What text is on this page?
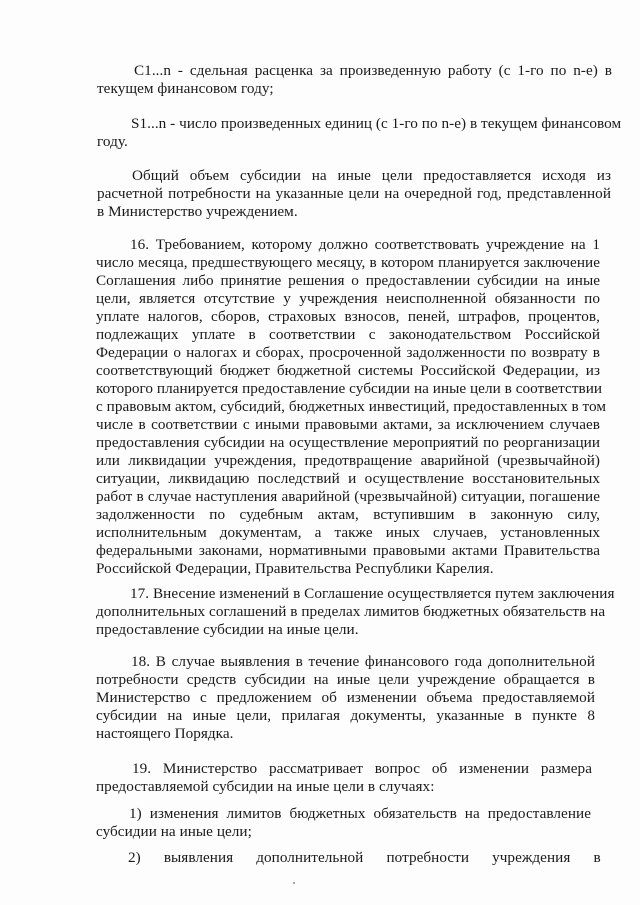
С1...n - сдельная расценка за произведенную работу (с 1-го по n-е) в
текущем финансовом году;
S1...n - число произведенных единиц (с 1-го по n-е) в текущем финансовом
году.
Общий объем субсидии на иные цели предоставляется исходя из
расчетной потребности на указанные цели на очередной год, представленной
в Министерство учреждением.
16. Требованием, которому должно соответствовать учреждение на 1
число месяца, предшествующего месяцу, в котором планируется заключение
Соглашения либо принятие решения о предоставлении субсидии на иные
цели, является отсутствие у учреждения неисполненной обязанности по
уплате налогов, сборов, страховых взносов, пеней, штрафов, процентов,
подлежащих уплате в соответствии с законодательством Российской
Федерации о налогах и сборах, просроченной задолженности по возврату в
соответствующий бюджет бюджетной системы Российской Федерации, из
которого планируется предоставление субсидии на иные цели в соответствии
с правовым актом, субсидий, бюджетных инвестиций, предоставленных в том
числе в соответствии с иными правовыми актами, за исключением случаев
предоставления субсидии на осуществление мероприятий по реорганизации
или ликвидации учреждения, предотвращение аварийной (чрезвычайной)
ситуации, ликвидацию последствий и осуществление восстановительных
работ в случае наступления аварийной (чрезвычайной) ситуации, погашение
задолженности по судебным актам, вступившим в законную силу,
исполнительным документам, а также иных случаев, установленных
федеральными законами, нормативными правовыми актами Правительства
Российской Федерации, Правительства Республики Карелия.
17. Внесение изменений в Соглашение осуществляется путем заключения
дополнительных соглашений в пределах лимитов бюджетных обязательств на
предоставление субсидии на иные цели.
18. В случае выявления в течение финансового года дополнительной
потребности средств субсидии на иные цели учреждение обращается в
Министерство с предложением об изменении объема предоставляемой
субсидии на иные цели, прилагая документы, указанные в пункте 8
настоящего Порядка.
19. Министерство рассматривает вопрос об изменении размера
предоставляемой субсидии на иные цели в случаях:
1) изменения лимитов бюджетных обязательств на предоставление
субсидии на иные цели;
2)      выявления      дополнительной      потребности      учреждения      в
